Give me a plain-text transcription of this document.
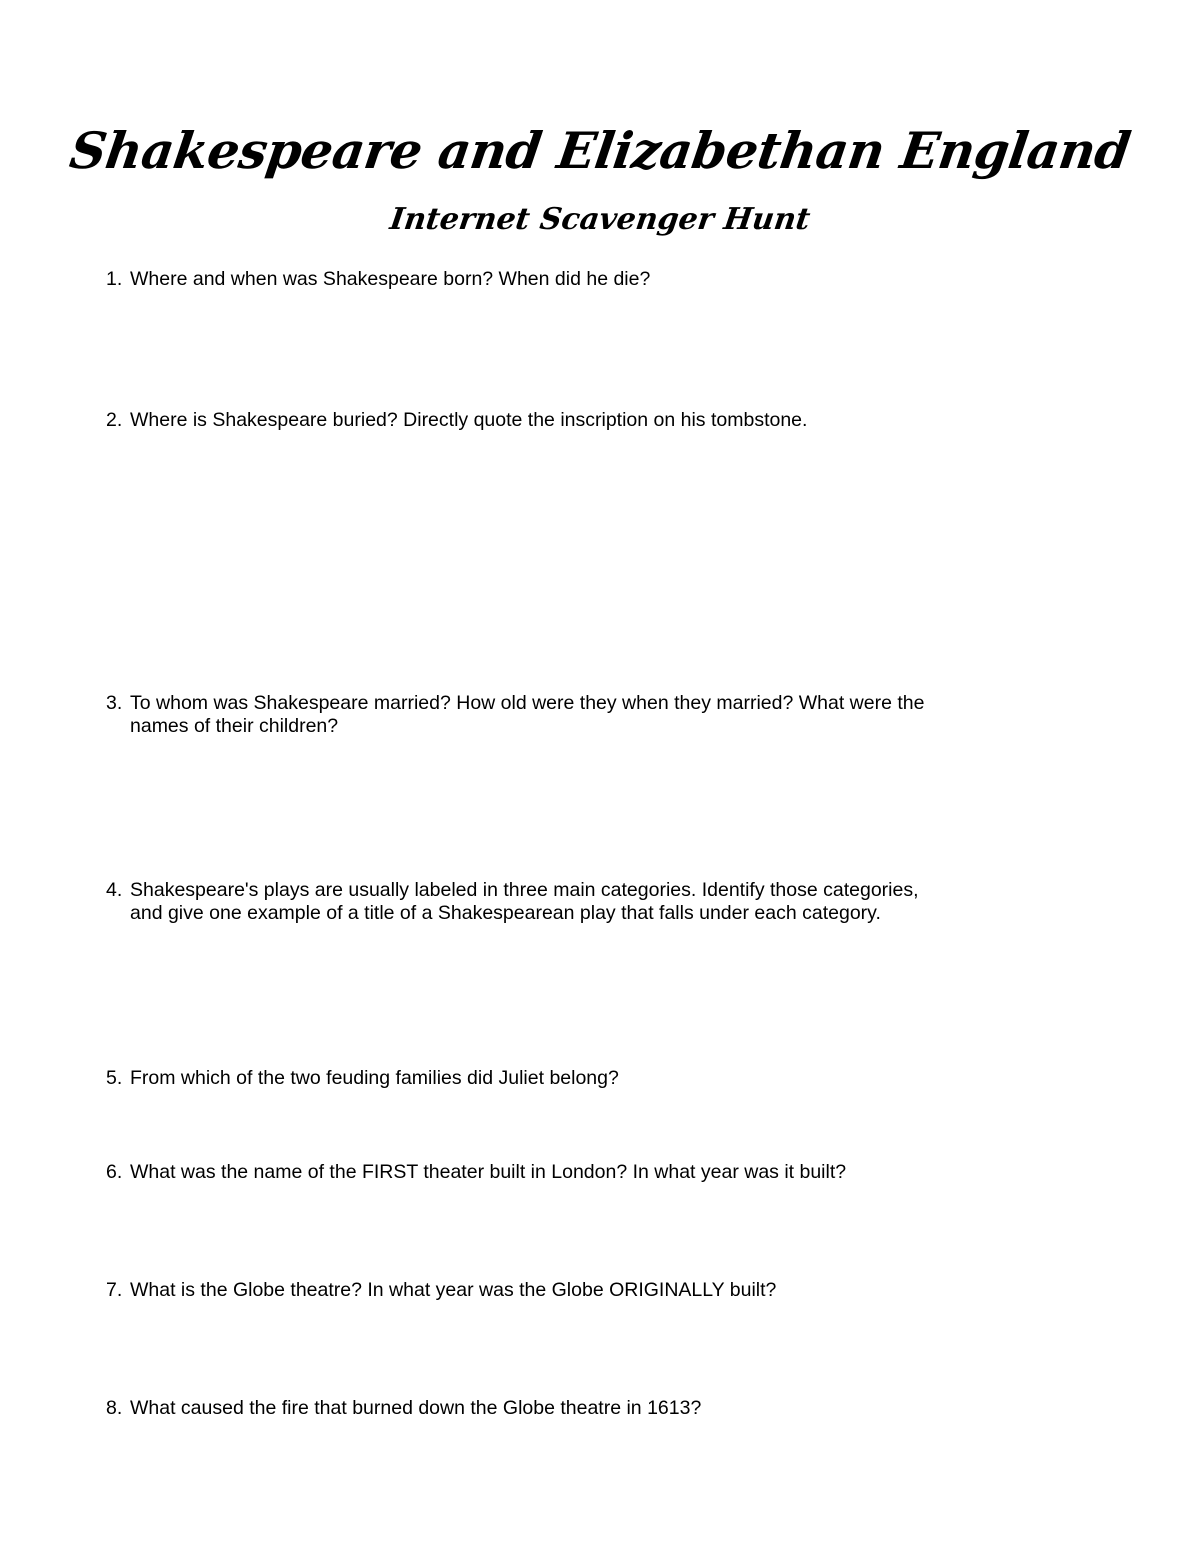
Shakespeare and Elizabethan England
Internet Scavenger Hunt
1. Where and when was Shakespeare born? When did he die?
2. Where is Shakespeare buried? Directly quote the inscription on his tombstone.
3. To whom was Shakespeare married? How old were they when they married? What were the
names of their children?
4. Shakespeare's plays are usually labeled in three main categories. Identify those categories,
and give one example of a title of a Shakespearean play that falls under each category.
5. From which of the two feuding families did Juliet belong?
6. What was the name of the FIRST theater built in London? In what year was it built?
7. What is the Globe theatre? In what year was the Globe ORIGINALLY built?
8. What caused the fire that burned down the Globe theatre in 1613?
